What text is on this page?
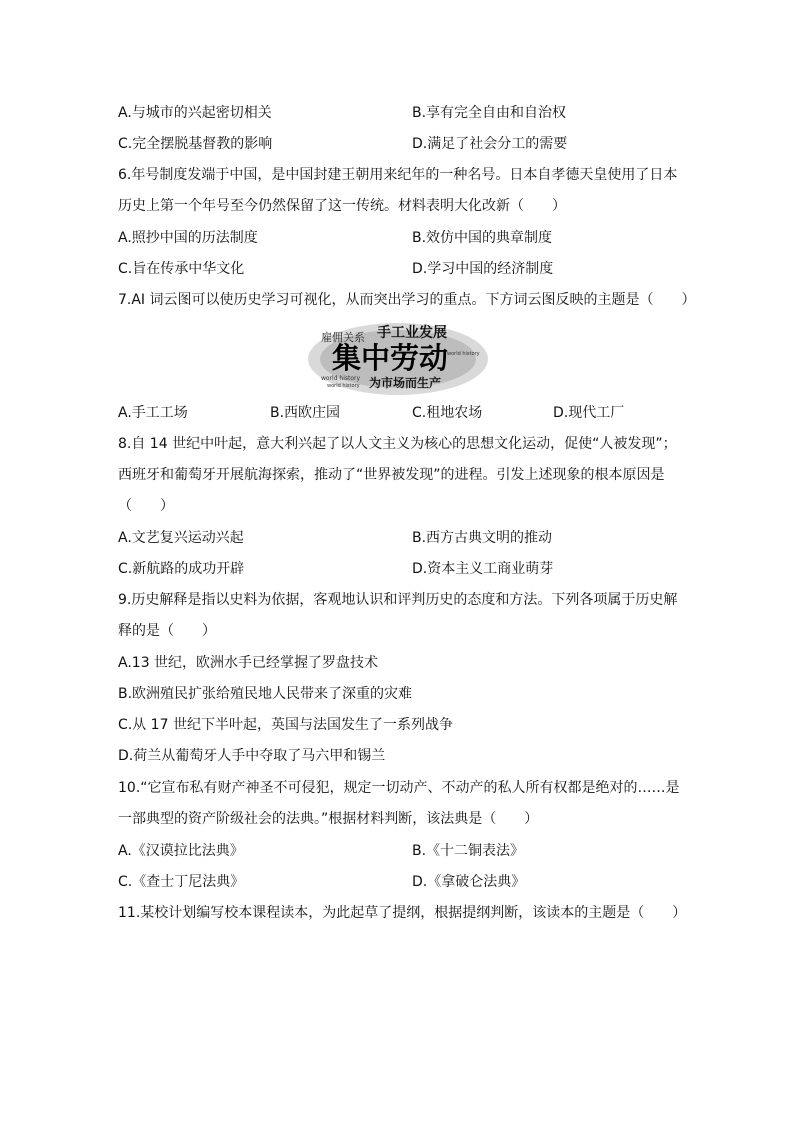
A.与城市的兴起密切相关	B.享有完全自由和自治权
C.完全摆脱基督教的影响	D.满足了社会分工的需要
6.年号制度发端于中国，是中国封建王朝用来纪年的一种名号。日本自孝德天皇使用了日本
历史上第一个年号至今仍然保留了这一传统。材料表明大化改新（　　）
A.照抄中国的历法制度	B.效仿中国的典章制度
C.旨在传承中华文化	D.学习中国的经济制度
7.AI 词云图可以使历史学习可视化，从而突出学习的重点。下方词云图反映的主题是（　　）
雇佣关系 手工业发展
集中劳动
为市场而生产
world history
world history
world history
A.手工工场	B.西欧庄园	C.租地农场	D.现代工厂
8.自 14 世纪中叶起，意大利兴起了以人文主义为核心的思想文化运动，促使“人被发现”；
西班牙和葡萄牙开展航海探索，推动了“世界被发现”的进程。引发上述现象的根本原因是
（　　）
A.文艺复兴运动兴起	B.西方古典文明的推动
C.新航路的成功开辟	D.资本主义工商业萌芽
9.历史解释是指以史料为依据，客观地认识和评判历史的态度和方法。下列各项属于历史解
释的是（　　）
A.13 世纪，欧洲水手已经掌握了罗盘技术
B.欧洲殖民扩张给殖民地人民带来了深重的灾难
C.从 17 世纪下半叶起，英国与法国发生了一系列战争
D.荷兰从葡萄牙人手中夺取了马六甲和锡兰
10.“它宣布私有财产神圣不可侵犯，规定一切动产、不动产的私人所有权都是绝对的……是
一部典型的资产阶级社会的法典。”根据材料判断，该法典是（　　）
A.《汉谟拉比法典》	B.《十二铜表法》
C.《查士丁尼法典》	D.《拿破仑法典》
11.某校计划编写校本课程读本，为此起草了提纲，根据提纲判断，该读本的主题是（　　）
